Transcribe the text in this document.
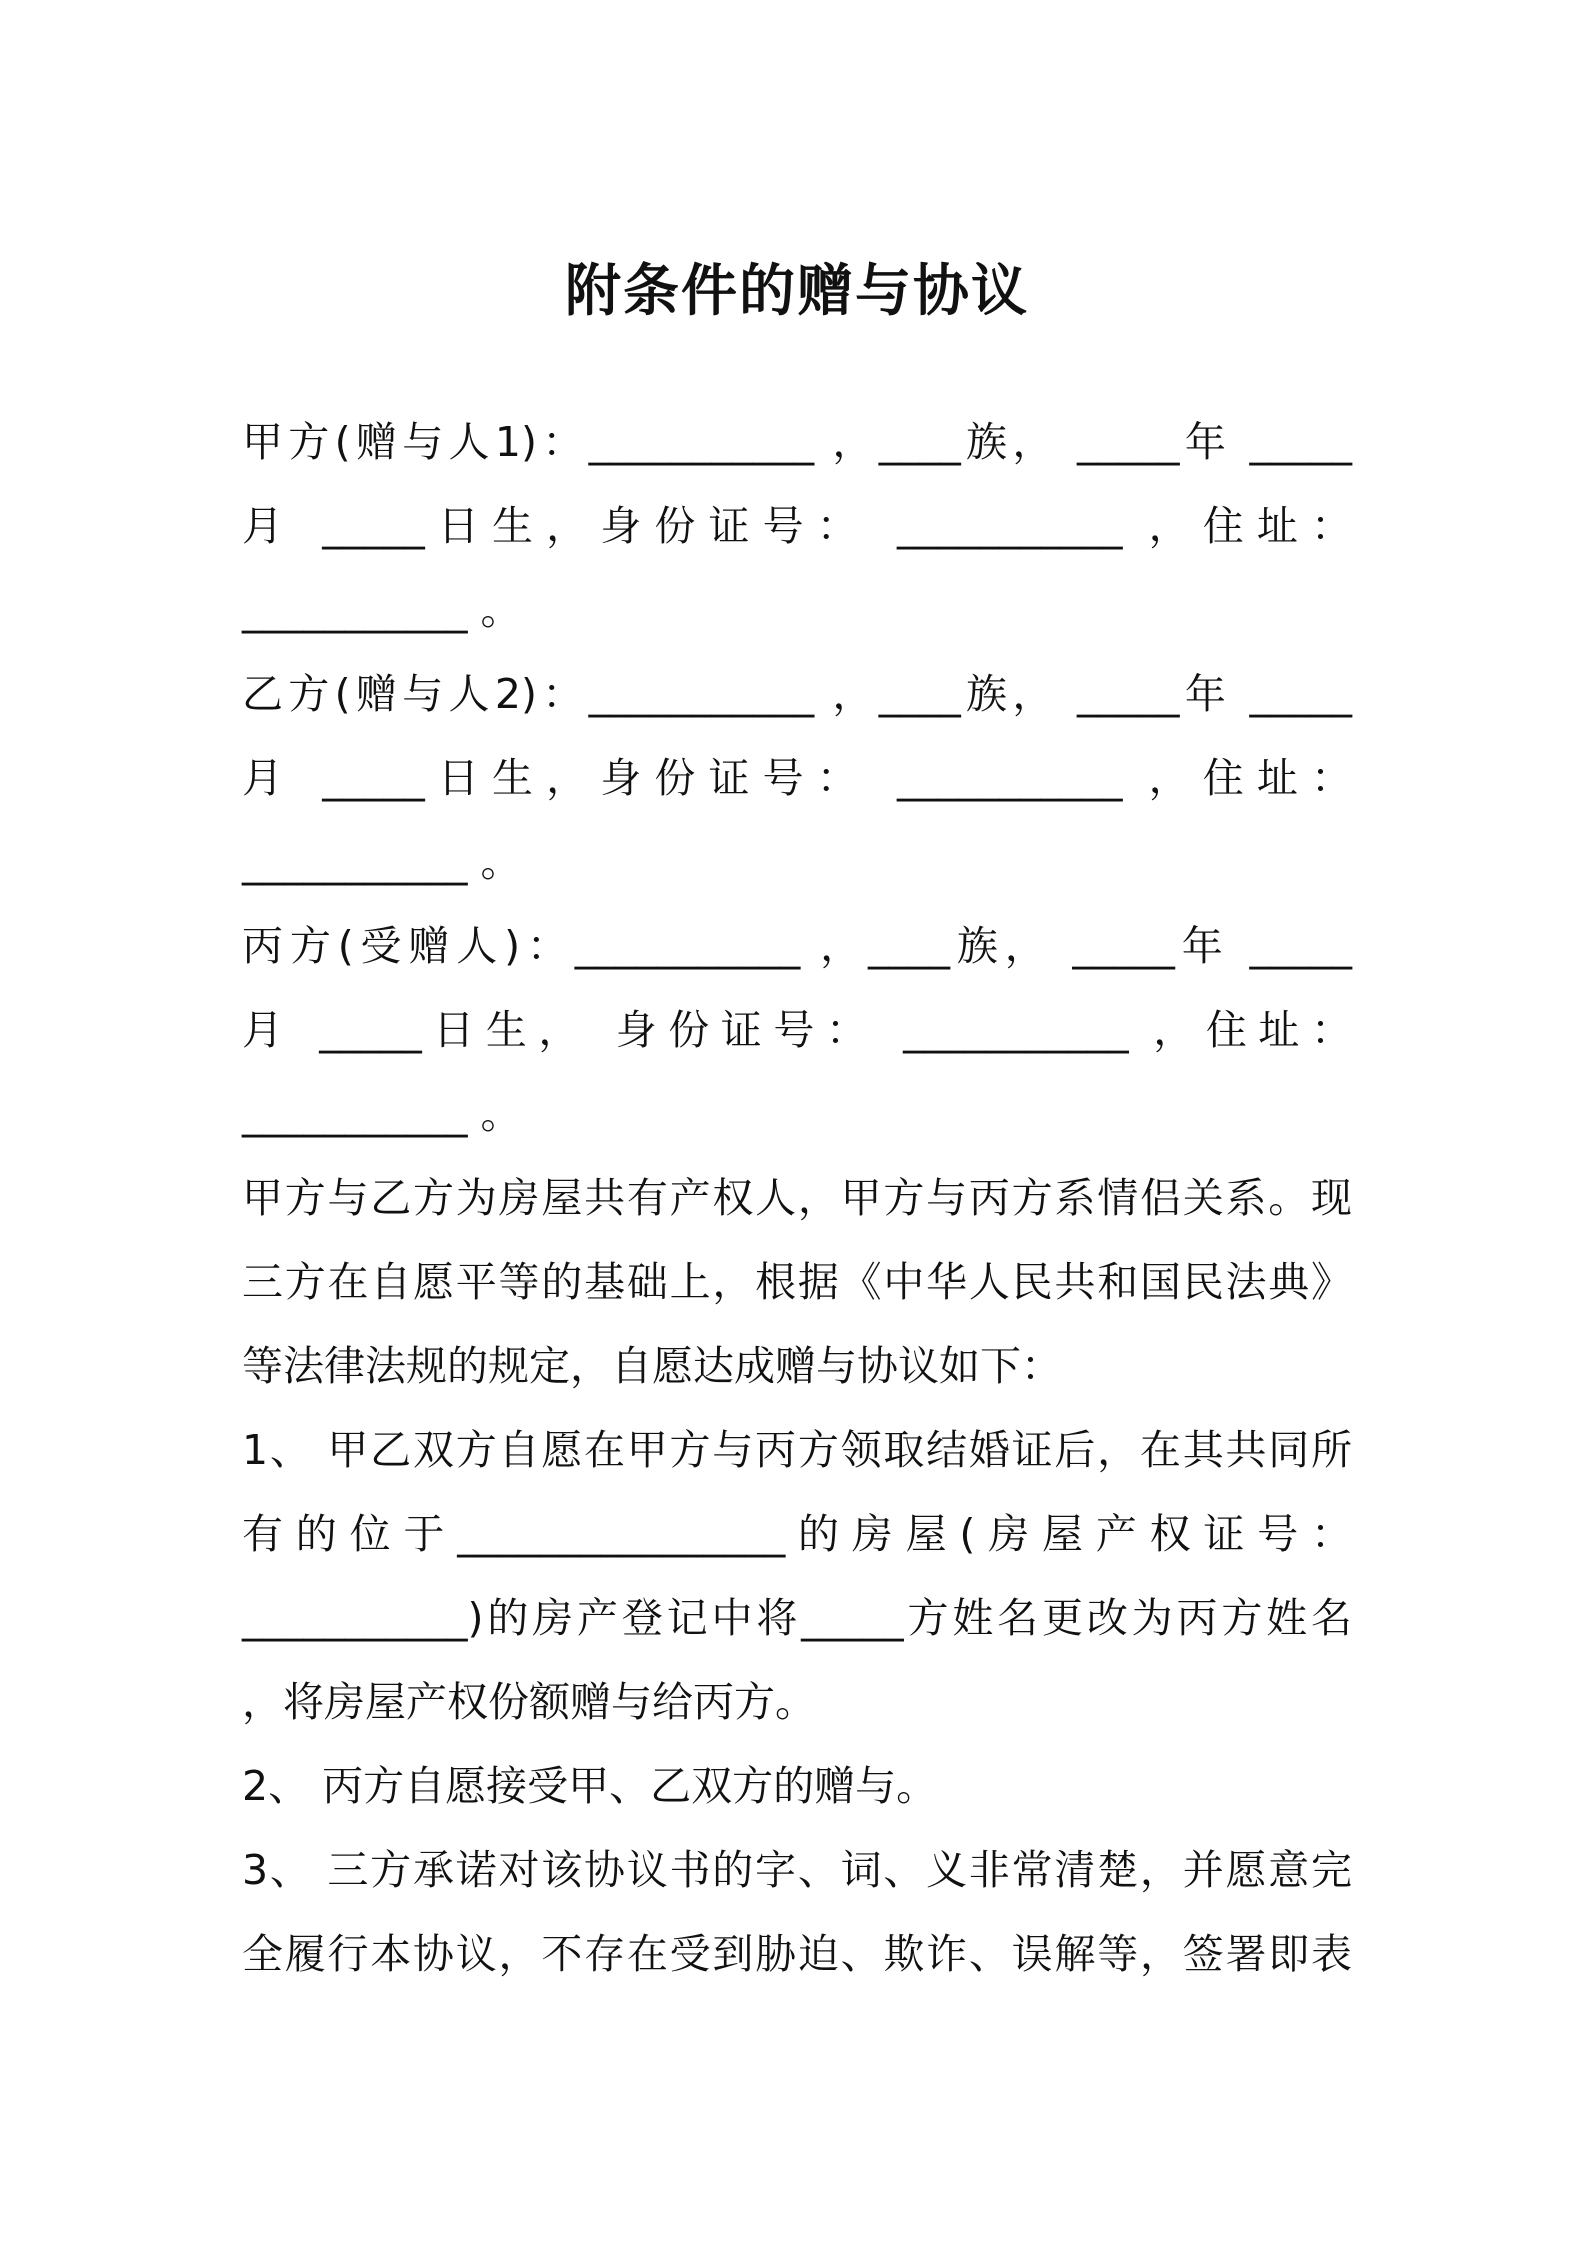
附条件的赠与协议

甲方(赠与人1)：___________ ，____族， _____年 _____

月 _____日生，身份证号： ___________ ，住址：

___________ 。

乙方(赠与人2)：___________ ，____族， _____年 _____

月 _____日生，身份证号： ___________ ，住址：

___________ 。

丙方(受赠人)：___________ ，____族， _____年 _____

月 _____日生， 身份证号： ___________ ，住址：

___________ 。

甲方与乙方为房屋共有产权人，甲方与丙方系情侣关系。现

三方在自愿平等的基础上，根据《中华人民共和国民法典》

等法律法规的规定，自愿达成赠与协议如下：

1、 甲乙双方自愿在甲方与丙方领取结婚证后，在其共同所

有的位于________________的房屋(房屋产权证号：

___________)的房产登记中将_____方姓名更改为丙方姓名

，将房屋产权份额赠与给丙方。

2、 丙方自愿接受甲、乙双方的赠与。

3、 三方承诺对该协议书的字、词、义非常清楚，并愿意完

全履行本协议，不存在受到胁迫、欺诈、误解等，签署即表
